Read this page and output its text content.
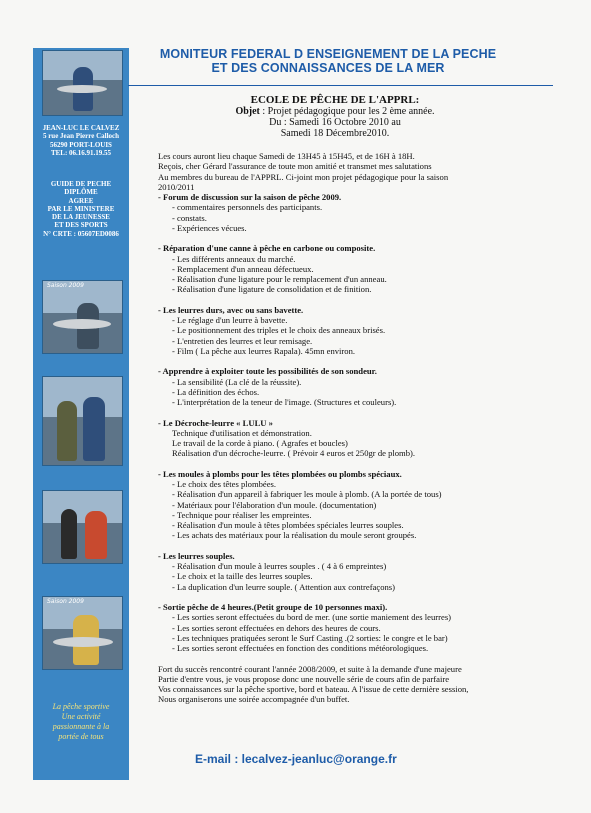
JEAN-LUC LE CALVEZ
5 rue Jean Pierre Calloch
56290 PORT-LOUIS
TEL: 06.16.91.19.55
GUIDE DE PECHE
DIPLÔME
AGREE
PAR LE MINISTERE
DE LA JEUNESSE
ET DES SPORTS
N° CRTE : 05607ED0086
Saison 2009
Saison 2009
La pêche sportive
Une activité
passionnante à la
portée de tous
MONITEUR FEDERAL D ENSEIGNEMENT DE LA PECHE
ET DES CONNAISSANCES DE LA MER
ECOLE DE PÊCHE DE L'APPRL:
Objet : Projet pédagogique pour les 2 ème année.
Du : Samedi 16 Octobre 2010 au
Samedi 18 Décembre2010.

Les cours auront lieu chaque Samedi de 13H45 à 15H45, et de 16H à 18H.

Reçois, cher Gérard l'assurance de toute mon amitié et transmet mes salutations

Au membres du bureau de l'APPRL. Ci-joint mon projet pédagogique pour la saison

2010/2011

- Forum de discussion sur la saison de pêche 2009.

- commentaires personnels des participants.
- constats.
- Expériences vécues.

- Réparation d'une canne à pêche en carbone ou composite.

- Les différents anneaux du marché.
- Remplacement d'un anneau défectueux.
- Réalisation d'une ligature pour le remplacement d'un anneau.
- Réalisation d'une ligature de consolidation et de finition.

- Les leurres durs, avec ou sans bavette.

- Le réglage d'un leurre à bavette.
- Le positionnement des triples et le choix des anneaux brisés.
- L'entretien des leurres et leur remisage.
- Film ( La pêche aux leurres Rapala). 45mn environ.

- Apprendre à exploiter toute les possibilités de son sondeur.

- La sensibilité (La clé de la réussite).
- La définition des échos.
- L'interprétation de la teneur de l'image. (Structures et couleurs).

- Le Décroche-leurre « LULU »

Technique d'utilisation et démonstration.
Le travail de la corde à piano. ( Agrafes et boucles)
Réalisation d'un décroche-leurre. ( Prévoir 4 euros et 250gr de plomb).

- Les moules à plombs pour les têtes plombées ou plombs spéciaux.

- Le choix des têtes plombées.
- Réalisation d'un appareil à fabriquer les moule à plomb. (A la portée de tous)
- Matériaux pour l'élaboration d'un moule. (documentation)
- Technique pour réaliser les empreintes.
- Réalisation d'un moule à têtes plombées spéciales leurres souples.
- Les achats des matériaux pour la réalisation du moule seront groupés.

- Les leurres souples.

- Réalisation d'un moule à leurres souples . ( 4 à 6 empreintes)
- Le choix et la taille des leurres souples.
- La duplication d'un leurre souple. ( Attention aux contrefaçons)

- Sortie pêche de 4 heures.(Petit groupe de 10 personnes maxi).

- Les sorties seront effectuées du bord de mer. (une sortie maniement des leurres)
- Les sorties seront effectuées en dehors des heures de cours.
- Les techniques pratiquées seront le Surf Casting .(2 sorties: le congre et le bar)
- Les sorties seront effectuées en fonction des conditions météorologiques.

Fort du succès rencontré courant l'année 2008/2009, et suite à la demande d'une majeure

Partie d'entre vous, je vous propose donc une nouvelle série de cours afin de parfaire

Vos connaissances sur la pêche sportive, bord et bateau. A l'issue de cette dernière session,

Nous organiserons une soirée accompagnée d'un buffet.

E-mail : lecalvez-jeanluc@orange.fr
